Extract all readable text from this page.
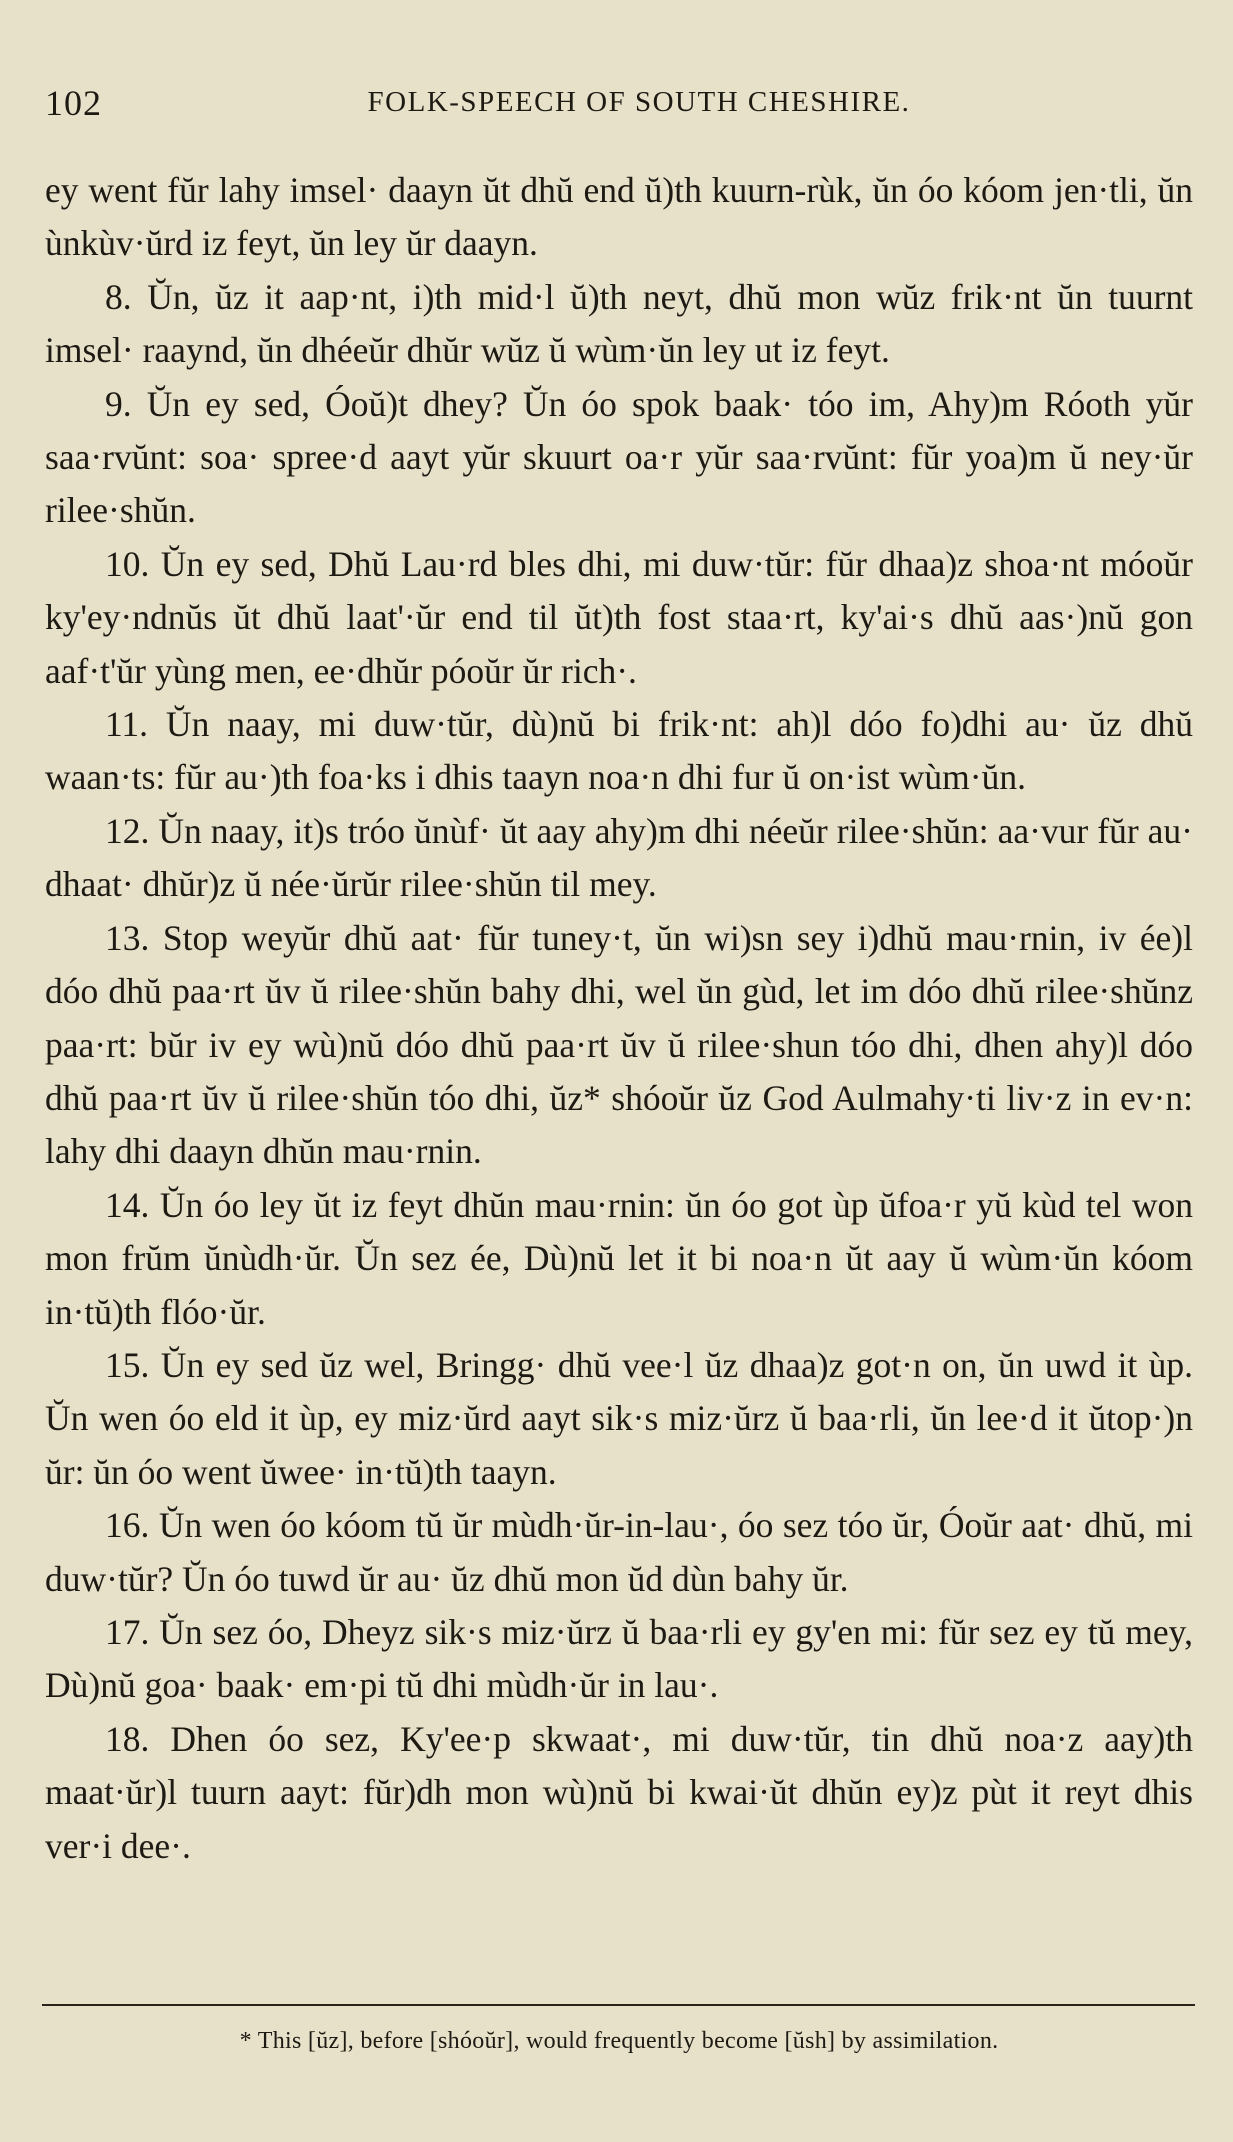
102	FOLK-SPEECH OF SOUTH CHESHIRE.

ey went fŭr lahy imsel· daayn ŭt dhŭ end ŭ)th kuurn-rùk, ŭn óo kóom jen·tli, ŭn ùnkùv·ŭrd iz feyt, ŭn ley ŭr daayn.

8. Ŭn, ŭz it aap·nt, i)th mid·l ŭ)th neyt, dhŭ mon wŭz frik·nt ŭn tuurnt imsel· raaynd, ŭn dhéeŭr dhŭr wŭz ŭ wùm·ŭn ley ut iz feyt.

9. Ŭn ey sed, Óoŭ)t dhey? Ŭn óo spok baak· tóo im, Ahy)m Róoth yŭr saa·rvŭnt: soa· spree·d aayt yŭr skuurt oa·r yŭr saa·rvŭnt: fŭr yoa)m ŭ ney·ŭr rilee·shŭn.

10. Ŭn ey sed, Dhŭ Lau·rd bles dhi, mi duw·tŭr: fŭr dhaa)z shoa·nt móoŭr ky'ey·ndnŭs ŭt dhŭ laat'·ŭr end til ŭt)th fost staa·rt, ky'ai·s dhŭ aas·)nŭ gon aaf·t'ŭr yùng men, ee·dhŭr póoŭr ŭr rich·.

11. Ŭn naay, mi duw·tŭr, dù)nŭ bi frik·nt: ah)l dóo fo)dhi au· ŭz dhŭ waan·ts: fŭr au·)th foa·ks i dhis taayn noa·n dhi fur ŭ on·ist wùm·ŭn.

12. Ŭn naay, it)s tróo ŭnùf· ŭt aay ahy)m dhi néeŭr rilee·shŭn: aa·vur fŭr au· dhaat· dhŭr)z ŭ née·ŭrŭr rilee·shŭn til mey.

13. Stop weyŭr dhŭ aat· fŭr tuney·t, ŭn wi)sn sey i)dhŭ mau·rnin, iv ée)l dóo dhŭ paa·rt ŭv ŭ rilee·shŭn bahy dhi, wel ŭn gùd, let im dóo dhŭ rilee·shŭnz paa·rt: bŭr iv ey wù)nŭ dóo dhŭ paa·rt ŭv ŭ rilee·shun tóo dhi, dhen ahy)l dóo dhŭ paa·rt ŭv ŭ rilee·shŭn tóo dhi, ŭz* shóoŭr ŭz God Aulmahy·ti liv·z in ev·n: lahy dhi daayn dhŭn mau·rnin.

14. Ŭn óo ley ŭt iz feyt dhŭn mau·rnin: ŭn óo got ùp ŭfoa·r yŭ kùd tel won mon frŭm ŭnùdh·ŭr. Ŭn sez ée, Dù)nŭ let it bi noa·n ŭt aay ŭ wùm·ŭn kóom in·tŭ)th flóo·ŭr.

15. Ŭn ey sed ŭz wel, Bringg· dhŭ vee·l ŭz dhaa)z got·n on, ŭn uwd it ùp. Ŭn wen óo eld it ùp, ey miz·ŭrd aayt sik·s miz·ŭrz ŭ baa·rli, ŭn lee·d it ŭtop·)n ŭr: ŭn óo went ŭwee· in·tŭ)th taayn.

16. Ŭn wen óo kóom tŭ ŭr mùdh·ŭr-in-lau·, óo sez tóo ŭr, Óoŭr aat· dhŭ, mi duw·tŭr? Ŭn óo tuwd ŭr au· ŭz dhŭ mon ŭd dùn bahy ŭr.

17. Ŭn sez óo, Dheyz sik·s miz·ŭrz ŭ baa·rli ey gy'en mi: fŭr sez ey tŭ mey, Dù)nŭ goa· baak· em·pi tŭ dhi mùdh·ŭr in lau·.

18. Dhen óo sez, Ky'ee·p skwaat·, mi duw·tŭr, tin dhŭ noa·z aay)th maat·ŭr)l tuurn aayt: fŭr)dh mon wù)nŭ bi kwai·ŭt dhŭn ey)z pùt it reyt dhis ver·i dee·.

* This [ŭz], before [shóoŭr], would frequently become [ŭsh] by assimilation.
